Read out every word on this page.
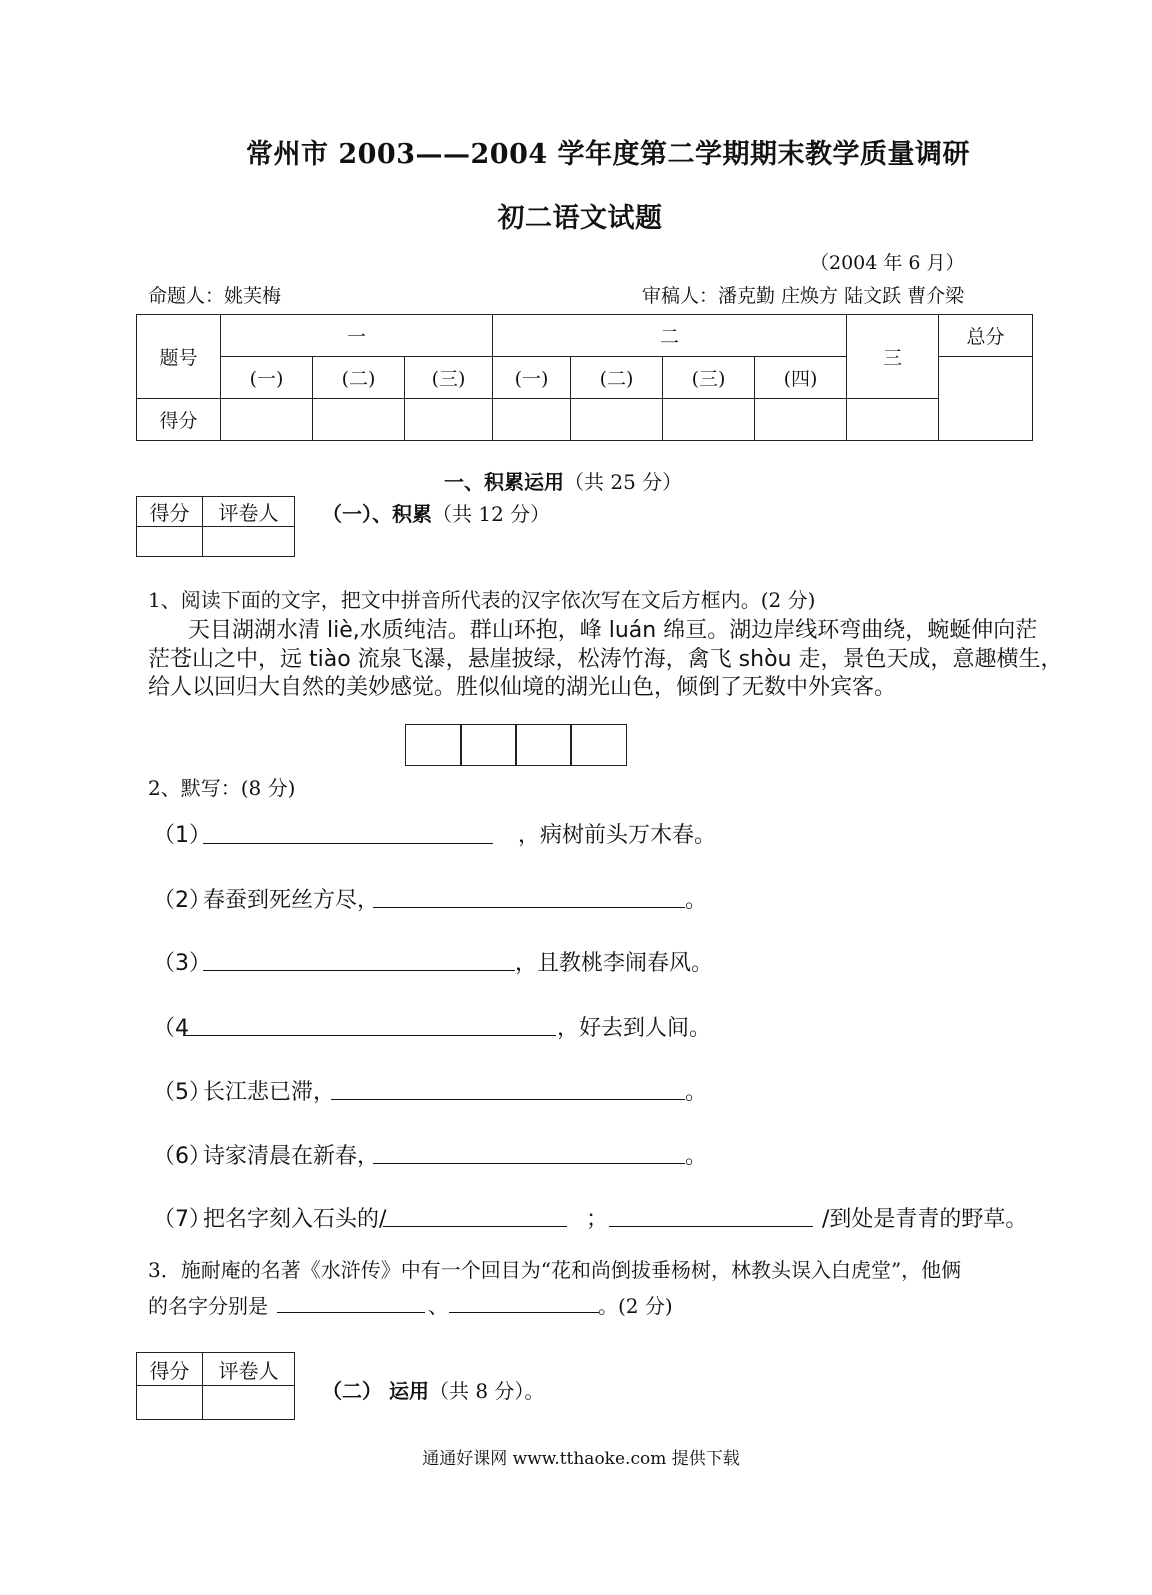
常州市 2003——2004 学年度第二学期期末教学质量调研
初二语文试题
（2004 年 6 月）
命题人：姚芙梅	审稿人：潘克勤 庄焕方 陆文跃 曹介梁
题号	一			二				三	总分
	(一)	(二)	(三)	(一)	(二)	(三)	(四)		
得分									
一、积累运用（共 25 分）
得分	评卷人
	（一）、积累（共 12 分）
1、阅读下面的文字，把文中拼音所代表的汉字依次写在文后方框内。(2 分)
天目湖湖水清 liè,水质纯洁。群山环抱，峰 luán 绵亘。湖边岸线环弯曲绕，蜿蜒伸向茫
茫苍山之中，远 tiào 流泉飞瀑，悬崖披绿，松涛竹海，禽飞 shòu 走，景色天成，意趣横生，
给人以回归大自然的美妙感觉。胜似仙境的湖光山色，倾倒了无数中外宾客。
2、默写：(8 分)
（1）	，病树前头万木春。
（2）
春蚕到死丝方尽，	。
（3）	，且教桃李闹春风。
（4	，好去到人间。
（5）
长江悲已滞，	。
（6）
诗家清晨在新春，	。
（7）
把名字刻入石头的/	；	/到处是青青的野草。
3．施耐庵的名著《水浒传》中有一个回目为“花和尚倒拔垂杨树，林教头误入白虎堂”，他俩
的名字分别是	、	。(2 分)
得分	评卷人

（二） 运用（共 8 分）。
通通好课网 www.tthaoke.com 提供下载
